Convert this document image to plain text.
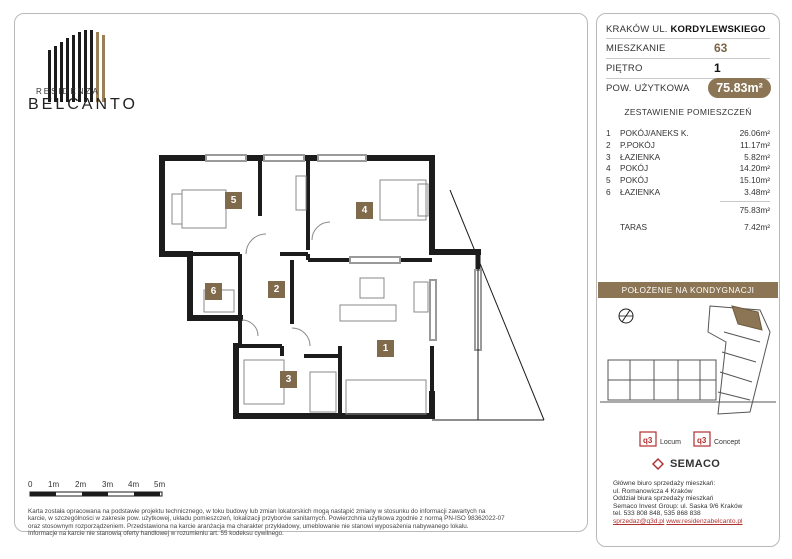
RESIDENZA
BELCANTO
5
4
6	2
1
3
0 1m 2m 3m 4m 5m
Karta została opracowana na podstawie projektu technicznego, w toku budowy lub zmian lokatorskich mogą nastąpić zmiany w stosunku do informacji zawartych na
karcie, w szczególności w zakresie pow. użytkowej, układu pomieszczeń, lokalizacji przyborów sanitarnych. Powierzchnia użytkowa zgodnie z normą PN-ISO 98362022-07
oraz stosownym rozporządzeniem. Przedstawiona na karcie aranżacja ma charakter przykładowy, umeblowanie nie stanowi wyposażenia nabywanego lokalu.
Informacje na karcie nie stanowią oferty handlowej w rozumieniu art. 55 kodeksu cywilnego.
KRAKÓW UL. KORDYLEWSKIEGO
MIESZKANIE	63
PIĘTRO	1
POW. UŻYTKOWA	75.83m²
ZESTAWIENIE POMIESZCZEŃ
1 POKÓJ/ANEKS K.	26.06m²
2 P.POKÓJ	11.17m²
3 ŁAZIENKA	5.82m²
4 POKÓJ	14.20m²
5 POKÓJ	15.10m²
6 ŁAZIENKA	3.48m²
75.83m²
TARAS	7.42m²
POŁOŻENIE NA KONDYGNACJI
q3	q3
Locum	Concept
SEMACO
Główne biuro sprzedaży mieszkań:
ul. Romanowicza 4 Kraków
Oddział biura sprzedaży mieszkań
Semaco Invest Group: ul. Saska 9/6 Kraków
tel. 533 808 848, 535 868 838
sprzedaz@q3d.pl www.residenzabelcanto.pl
